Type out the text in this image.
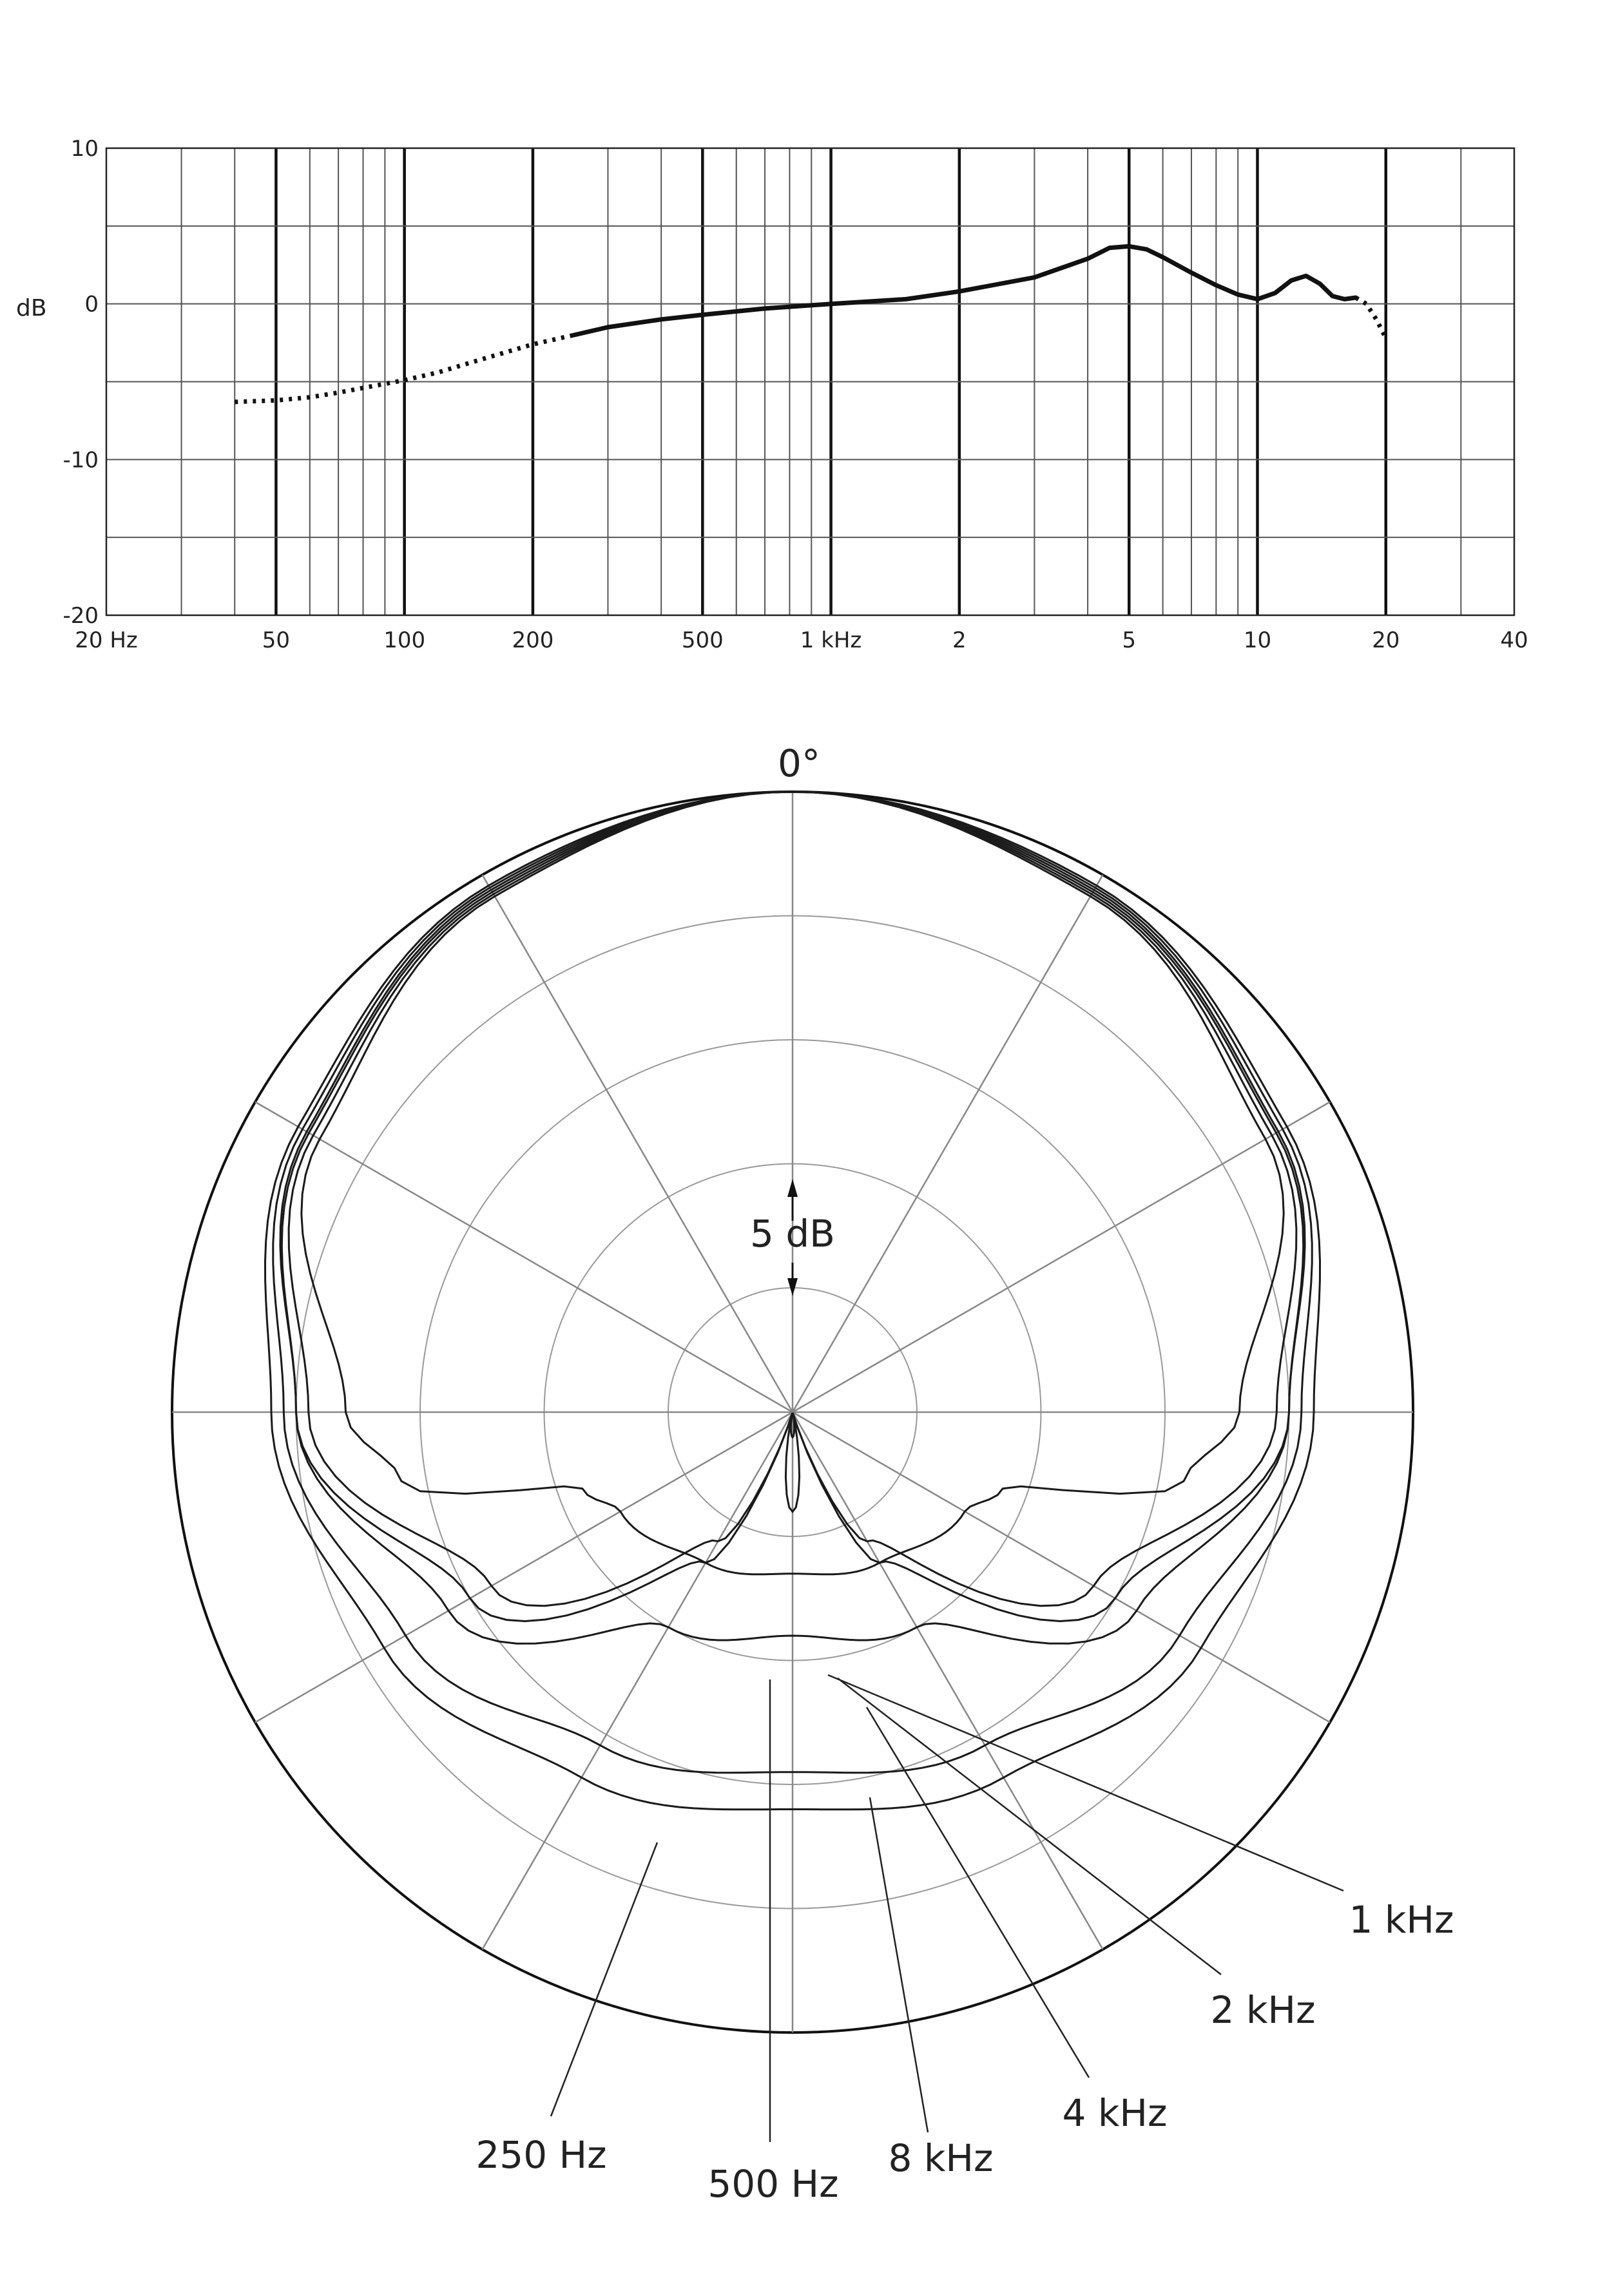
20 Hz	50	100	200	500	1 kHz	2	5	10	20	40
10
0
-10
-20
dB
5 dB
0°
250 Hz
500 Hz
1 kHz
2 kHz
4 kHz
8 kHz
